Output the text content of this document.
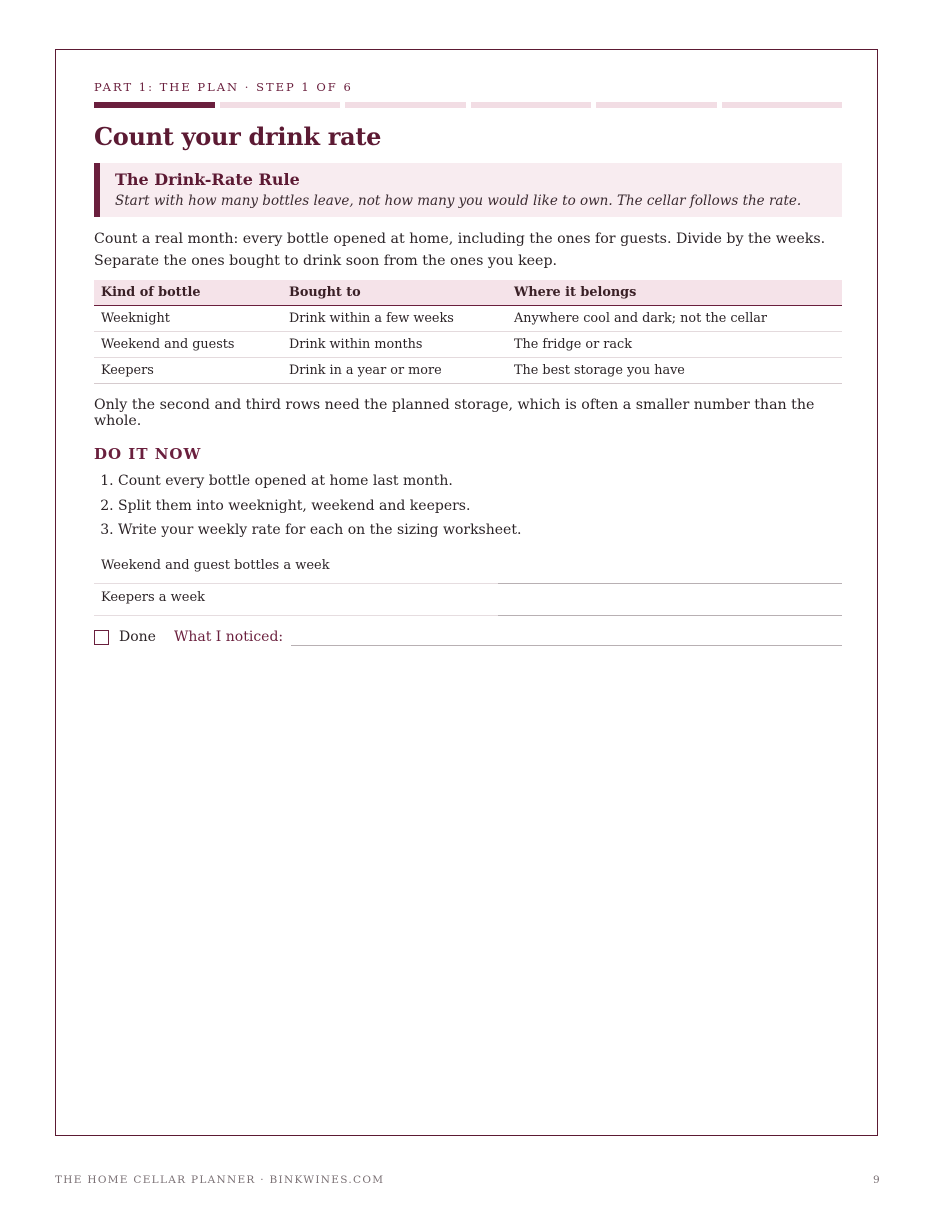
PART 1: THE PLAN · STEP 1 OF 6
Count your drink rate
The Drink-Rate Rule
Start with how many bottles leave, not how many you would like to own. The cellar follows the rate.
Count a real month: every bottle opened at home, including the ones for guests. Divide by the weeks. Separate the ones bought to drink soon from the ones you keep.
Kind of bottle	Bought to	Where it belongs
Weeknight	Drink within a few weeks	Anywhere cool and dark; not the cellar
Weekend and guests	Drink within months	The fridge or rack
Keepers	Drink in a year or more	The best storage you have
Only the second and third rows need the planned storage, which is often a smaller number than the whole.
DO IT NOW
1. Count every bottle opened at home last month.
2. Split them into weeknight, weekend and keepers.
3. Write your weekly rate for each on the sizing worksheet.
Weekend and guest bottles a week
Keepers a week
Done What I noticed:
THE HOME CELLAR PLANNER · BINKWINES.COM	9
